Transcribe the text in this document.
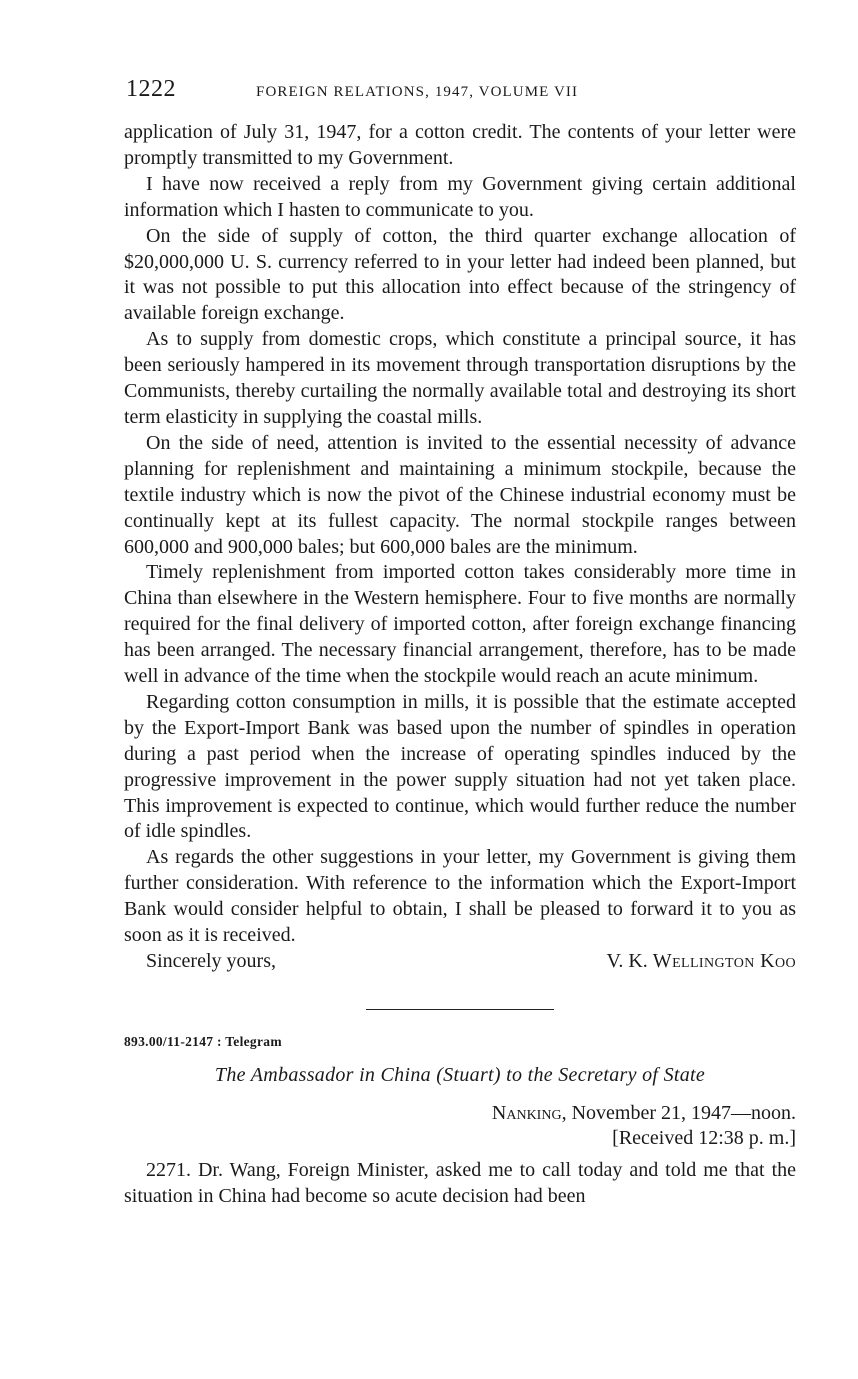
1222	FOREIGN RELATIONS, 1947, VOLUME VII

application of July 31, 1947, for a cotton credit. The contents of your letter were promptly transmitted to my Government.

I have now received a reply from my Government giving certain additional information which I hasten to communicate to you.

On the side of supply of cotton, the third quarter exchange allocation of $20,000,000 U. S. currency referred to in your letter had indeed been planned, but it was not possible to put this allocation into effect because of the stringency of available foreign exchange.

As to supply from domestic crops, which constitute a principal source, it has been seriously hampered in its movement through transportation disruptions by the Communists, thereby curtailing the normally available total and destroying its short term elasticity in supplying the coastal mills.

On the side of need, attention is invited to the essential necessity of advance planning for replenishment and maintaining a minimum stockpile, because the textile industry which is now the pivot of the Chinese industrial economy must be continually kept at its fullest capacity. The normal stockpile ranges between 600,000 and 900,000 bales; but 600,000 bales are the minimum.

Timely replenishment from imported cotton takes considerably more time in China than elsewhere in the Western hemisphere. Four to five months are normally required for the final delivery of imported cotton, after foreign exchange financing has been arranged. The necessary financial arrangement, therefore, has to be made well in advance of the time when the stockpile would reach an acute minimum.

Regarding cotton consumption in mills, it is possible that the estimate accepted by the Export-Import Bank was based upon the number of spindles in operation during a past period when the increase of operating spindles induced by the progressive improvement in the power supply situation had not yet taken place. This improvement is expected to continue, which would further reduce the number of idle spindles.

As regards the other suggestions in your letter, my Government is giving them further consideration. With reference to the information which the Export-Import Bank would consider helpful to obtain, I shall be pleased to forward it to you as soon as it is received.

Sincerely yours,	V. K. Wellington Koo
893.00/11-2147 : Telegram
The Ambassador in China (Stuart) to the Secretary of State
Nanking, November 21, 1947—noon.
[Received 12:38 p. m.]

2271. Dr. Wang, Foreign Minister, asked me to call today and told me that the situation in China had become so acute decision had been
